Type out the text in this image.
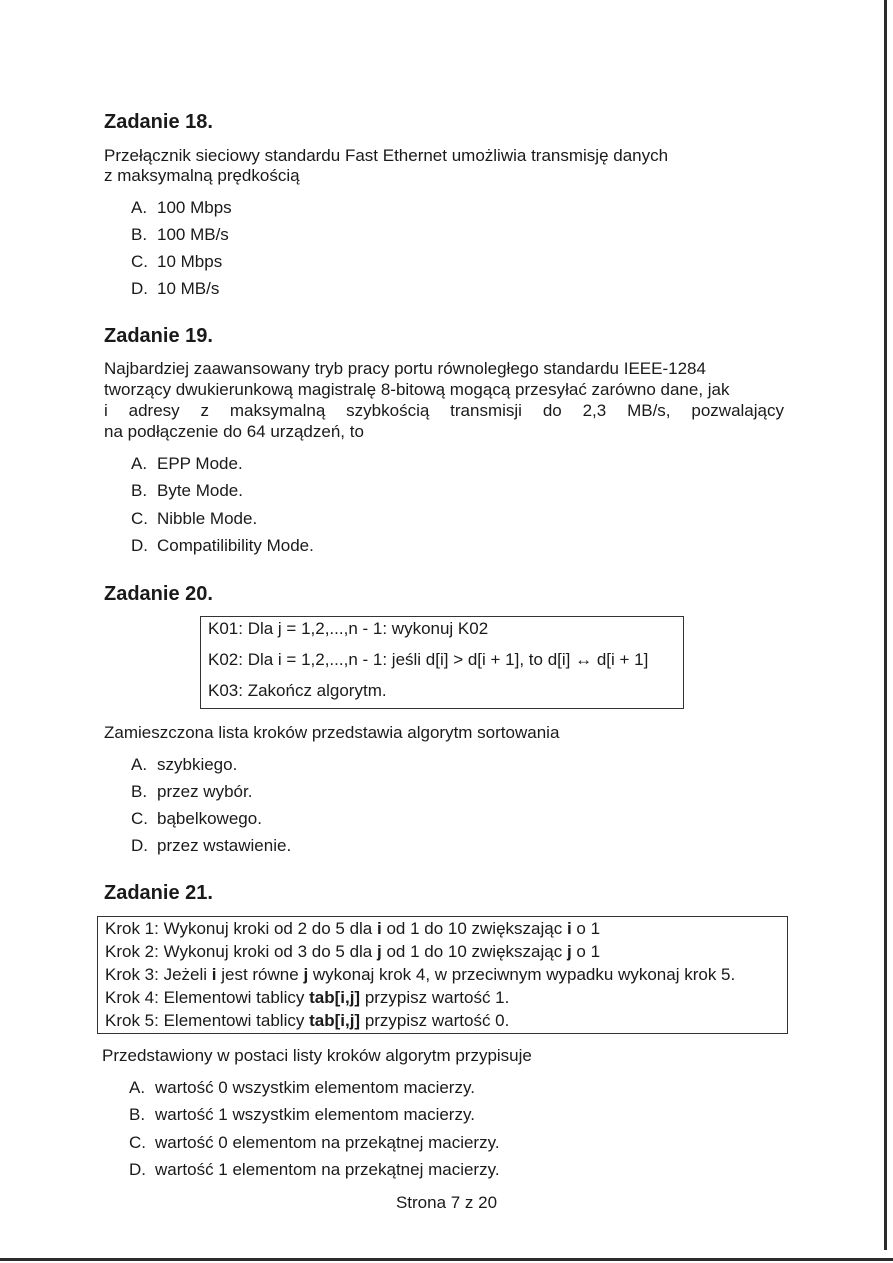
Zadanie 18.

Przełącznik sieciowy standardu Fast Ethernet umożliwia transmisję danych

z maksymalną prędkością

A. 100 Mbps

B. 100 MB/s

C. 10 Mbps

D. 10 MB/s

Zadanie 19.

Najbardziej zaawansowany tryb pracy portu równoległego standardu IEEE-1284

tworzący dwukierunkową magistralę 8-bitową mogącą przesyłać zarówno dane, jak

i adresy z maksymalną szybkością transmisji do 2,3 MB/s, pozwalający

na podłączenie do 64 urządzeń, to

A. EPP Mode.

B. Byte Mode.

C. Nibble Mode.

D. Compatilibility Mode.

Zadanie 20.
K01: Dla j = 1,2,...,n - 1: wykonuj K02
K02: Dla i = 1,2,...,n - 1: jeśli d[i] > d[i + 1], to d[i] ↔ d[i + 1]
K03: Zakończ algorytm.

Zamieszczona lista kroków przedstawia algorytm sortowania

A. szybkiego.

B. przez wybór.

C. bąbelkowego.

D. przez wstawienie.

Zadanie 21.
Krok 1: Wykonuj kroki od 2 do 5 dla i od 1 do 10 zwiększając i o 1
Krok 2: Wykonuj kroki od 3 do 5 dla j od 1 do 10 zwiększając j o 1
Krok 3: Jeżeli i jest równe j wykonaj krok 4, w przeciwnym wypadku wykonaj krok 5.
Krok 4: Elementowi tablicy tab[i,j] przypisz wartość 1.
Krok 5: Elementowi tablicy tab[i,j] przypisz wartość 0.

Przedstawiony w postaci listy kroków algorytm przypisuje

A. wartość 0 wszystkim elementom macierzy.

B. wartość 1 wszystkim elementom macierzy.

C. wartość 0 elementom na przekątnej macierzy.

D. wartość 1 elementom na przekątnej macierzy.

Strona 7 z 20
